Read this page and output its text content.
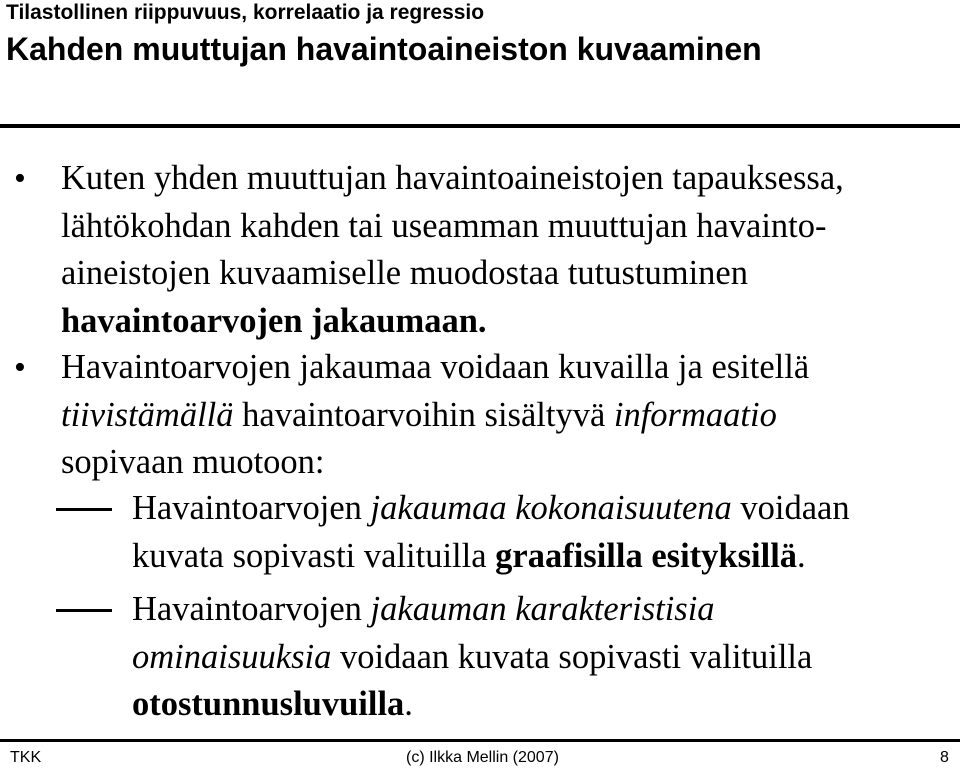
Tilastollinen riippuvuus, korrelaatio ja regressio
Kahden muuttujan havaintoaineiston kuvaaminen
• Kuten yhden muuttujan havaintoaineistojen tapauksessa,
lähtökohdan kahden tai useamman muuttujan havainto-
aineistojen kuvaamiselle muodostaa tutustuminen
havaintoarvojen jakaumaan.
• Havaintoarvojen jakaumaa voidaan kuvailla ja esitellä
tiivistämällä havaintoarvoihin sisältyvä informaatio
sopivaan muotoon:
Havaintoarvojen jakaumaa kokonaisuutena voidaan
kuvata sopivasti valituilla graafisilla esityksillä.
Havaintoarvojen jakauman karakteristisia
ominaisuuksia voidaan kuvata sopivasti valituilla
otostunnusluvuilla.
TKK	(c) Ilkka Mellin (2007)	8
